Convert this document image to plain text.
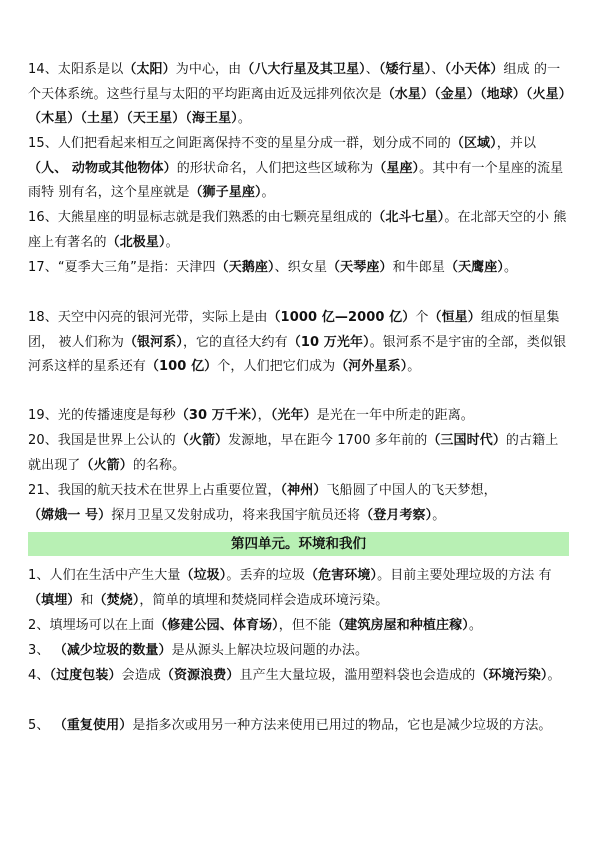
14、太阳系是以（太阳）为中心，由（八大行星及其卫星）、（矮行星）、（小天体）组成 的一个天体系统。这些行星与太阳的平均距离由近及远排列依次是（水星）（金星）（地球）（火星）（木星）（土星）（天王星）（海王星）。
15、人们把看起来相互之间距离保持不变的星星分成一群，划分成不同的（区域），并以（人、 动物或其他物体）的形状命名，人们把这些区域称为（星座）。其中有一个星座的流星雨特 别有名，这个星座就是（狮子星座）。
16、大熊星座的明显标志就是我们熟悉的由七颗亮星组成的（北斗七星）。在北部天空的小 熊座上有著名的（北极星）。
17、“夏季大三角”是指：天津四（天鹅座）、织女星（天琴座）和牛郎星（天鹰座）。
18、天空中闪亮的银河光带，实际上是由（1000 亿—2000 亿）个（恒星）组成的恒星集团， 被人们称为（银河系），它的直径大约有（10 万光年）。银河系不是宇宙的全部，类似银 河系这样的星系还有（100 亿）个，人们把它们成为（河外星系）。
19、光的传播速度是每秒（30 万千米），（光年）是光在一年中所走的距离。
20、我国是世界上公认的（火箭）发源地，早在距今 1700 多年前的（三国时代）的古籍上 就出现了（火箭）的名称。
21、我国的航天技术在世界上占重要位置，（神州）飞船圆了中国人的飞天梦想，（嫦娥一 号）探月卫星又发射成功，将来我国宇航员还将（登月考察）。
第四单元。环境和我们
1、人们在生活中产生大量（垃圾）。丢弃的垃圾（危害环境）。目前主要处理垃圾的方法 有（填埋）和（焚烧），简单的填埋和焚烧同样会造成环境污染。
2、填埋场可以在上面（修建公园、体育场），但不能（建筑房屋和种植庄稼）。
3、 （减少垃圾的数量）是从源头上解决垃圾问题的办法。
4、（过度包装）会造成（资源浪费）且产生大量垃圾，滥用塑料袋也会造成的（环境污染）。
5、 （重复使用）是指多次或用另一种方法来使用已用过的物品，它也是减少垃圾的方法。
